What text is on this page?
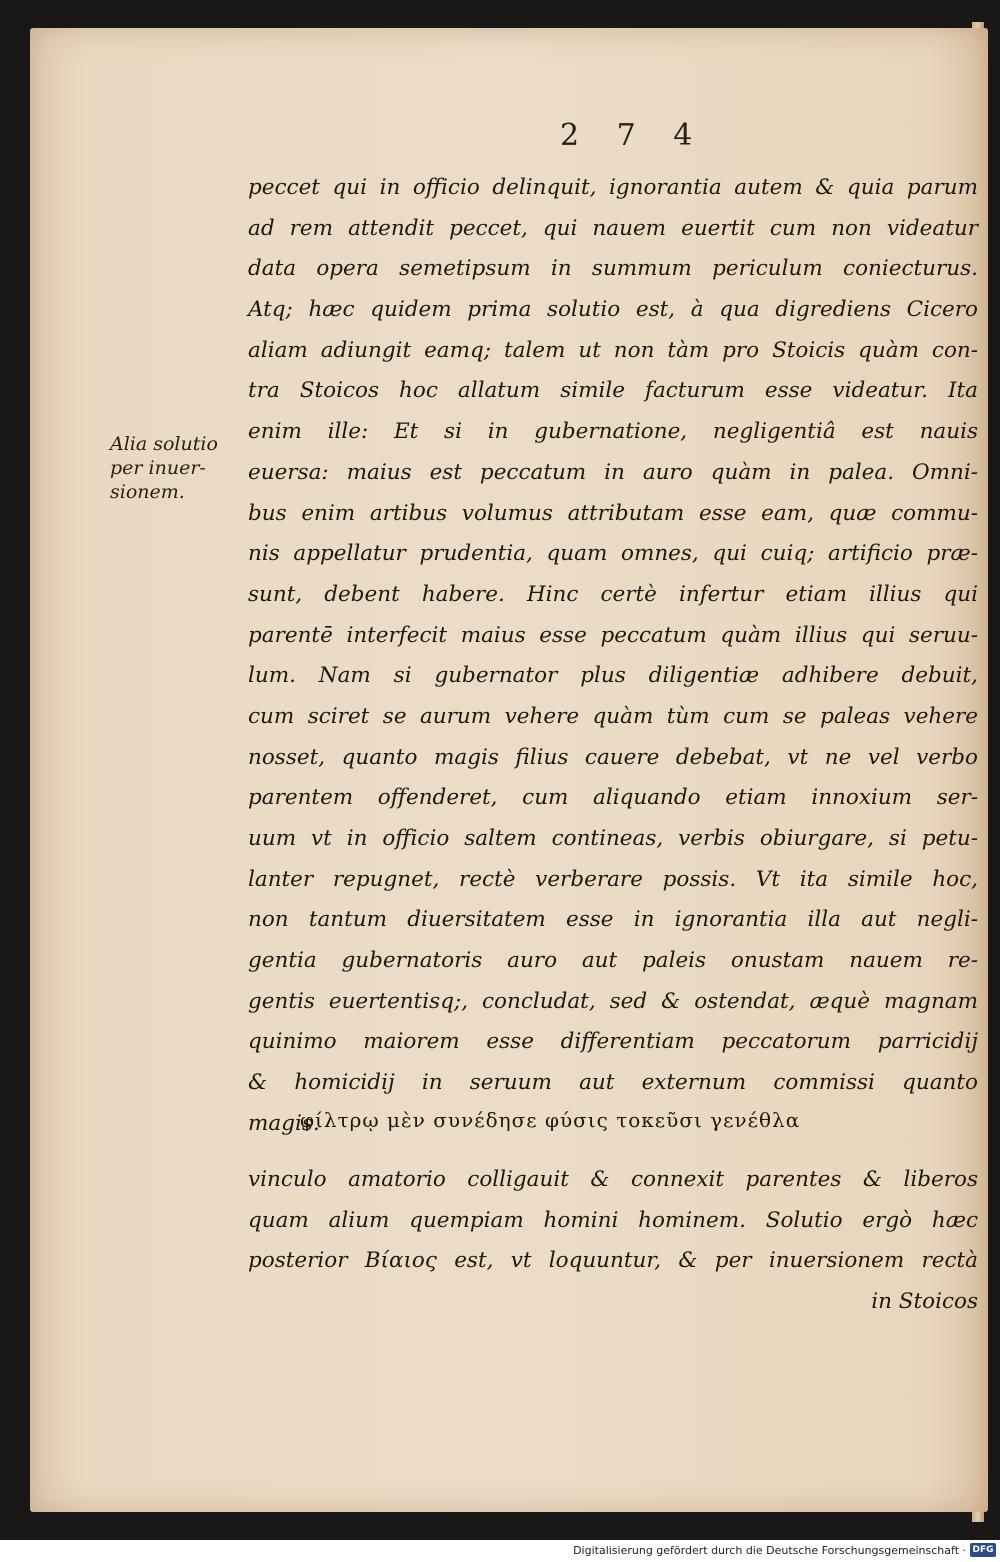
2 7 4
Alia solutio
per inuer-
sionem.
peccet qui in officio delinquit, ignorantia autem & quia parum
ad rem attendit peccet, qui nauem euertit cum non videatur
data opera semetipsum in summum periculum coniecturus.
Atq; hæc quidem prima solutio est, à qua digrediens Cicero
aliam adiungit eamq; talem ut non tàm pro Stoicis quàm con-
tra Stoicos hoc allatum simile facturum esse videatur. Ita
enim ille: Et si in gubernatione, negligentiâ est nauis
euersa: maius est peccatum in auro quàm in palea. Omni-
bus enim artibus volumus attributam esse eam, quæ commu-
nis appellatur prudentia, quam omnes, qui cuiq; artificio præ-
sunt, debent habere. Hinc certè infertur etiam illius qui
parentē interfecit maius esse peccatum quàm illius qui seruu-
lum. Nam si gubernator plus diligentiæ adhibere debuit,
cum sciret se aurum vehere quàm tùm cum se paleas vehere
nosset, quanto magis filius cauere debebat, vt ne vel verbo
parentem offenderet, cum aliquando etiam innoxium ser-
uum vt in officio saltem contineas, verbis obiurgare, si petu-
lanter repugnet, rectè verberare possis. Vt ita simile hoc,
non tantum diuersitatem esse in ignorantia illa aut negli-
gentia gubernatoris auro aut paleis onustam nauem re-
gentis euertentisq;, concludat, sed & ostendat, æquè magnam
quinimo maiorem esse differentiam peccatorum parricidij
& homicidij in seruum aut externum commissi quanto
magis.
φίλτρῳ μὲν συνέδησε φύσις τοκεῦσι γενέθλα
vinculo amatorio colligauit & connexit parentes & liberos
quam alium quempiam homini hominem. Solutio ergò hæc
posterior Βίαιος est, vt loquuntur, & per inuersionem rectà
in Stoicos
Digitalisierung gefördert durch die Deutsche Forschungsgemeinschaft · DFG
